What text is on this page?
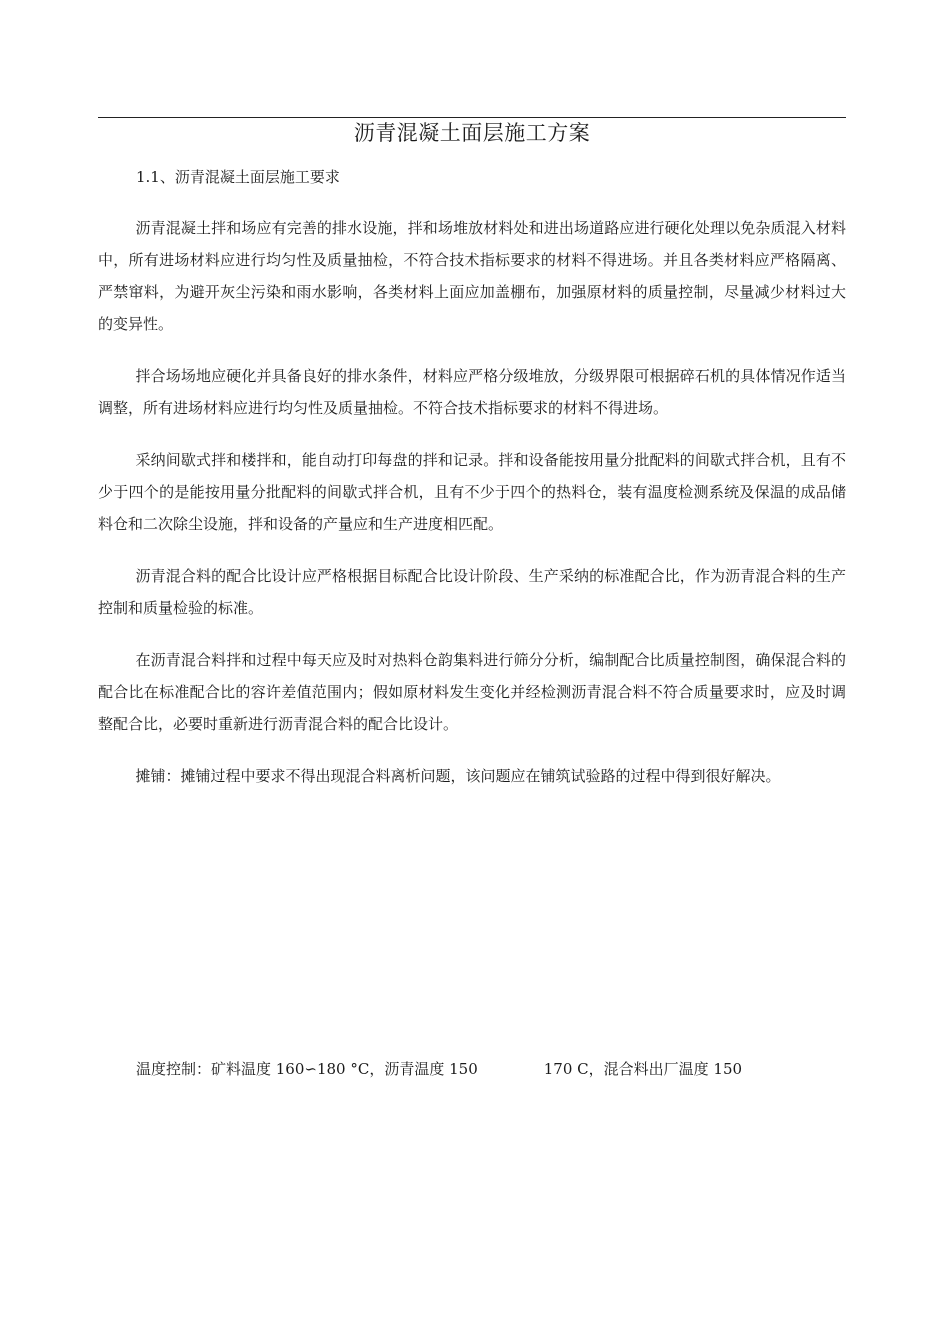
沥青混凝土面层施工方案
1.1、沥青混凝土面层施工要求

沥青混凝土拌和场应有完善的排水设施，拌和场堆放材料处和进出场道路应进行硬化处理以免杂质混入材料中，所有进场材料应进行均匀性及质量抽检，不符合技术指标要求的材料不得进场。并且各类材料应严格隔离、严禁窜料，为避开灰尘污染和雨水影响，各类材料上面应加盖棚布，加强原材料的质量控制，尽量减少材料过大的变异性。

拌合场场地应硬化并具备良好的排水条件，材料应严格分级堆放，分级界限可根据碎石机的具体情况作适当调整，所有进场材料应进行均匀性及质量抽检。不符合技术指标要求的材料不得进场。

采纳间歇式拌和楼拌和，能自动打印每盘的拌和记录。拌和设备能按用量分批配料的间歇式拌合机，且有不少于四个的是能按用量分批配料的间歇式拌合机，且有不少于四个的热料仓，装有温度检测系统及保温的成品储料仓和二次除尘设施，拌和设备的产量应和生产进度相匹配。

沥青混合料的配合比设计应严格根据目标配合比设计阶段、生产采纳的标准配合比，作为沥青混合料的生产控制和质量检验的标准。

在沥青混合料拌和过程中每天应及时对热料仓韵集料进行筛分分析，编制配合比质量控制图，确保混合料的配合比在标准配合比的容许差值范围内；假如原材料发生变化并经检测沥青混合料不符合质量要求时，应及时调整配合比，必要时重新进行沥青混合料的配合比设计。

摊铺：摊铺过程中要求不得出现混合料离析问题，该问题应在铺筑试验路的过程中得到很好解决。

温度控制：矿料温度 160∽180 °C，沥青温度 150	170 C，混合料出厂温度 150
